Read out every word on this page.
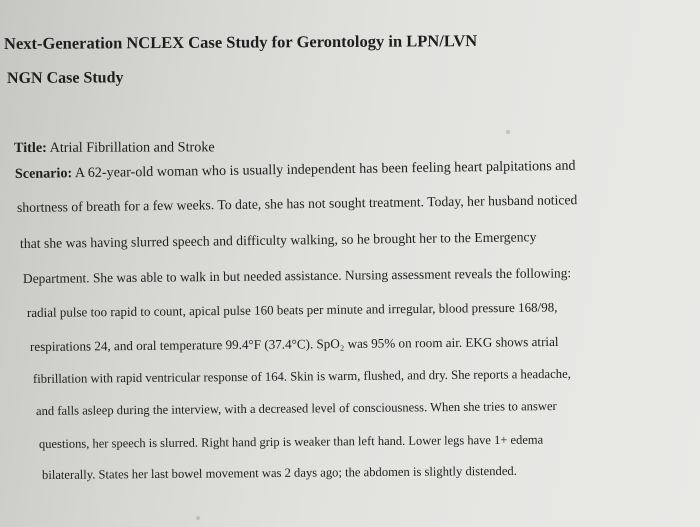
Next-Generation NCLEX Case Study for Gerontology in LPN/LVN
NGN Case Study
Title: Atrial Fibrillation and Stroke
Scenario: A 62-year-old woman who is usually independent has been feeling heart palpitations and
shortness of breath for a few weeks. To date, she has not sought treatment. Today, her husband noticed
that she was having slurred speech and difficulty walking, so he brought her to the Emergency
Department. She was able to walk in but needed assistance. Nursing assessment reveals the following:
radial pulse too rapid to count, apical pulse 160 beats per minute and irregular, blood pressure 168/98,
respirations 24, and oral temperature 99.4°F (37.4°C). SpO₂ was 95% on room air. EKG shows atrial
fibrillation with rapid ventricular response of 164. Skin is warm, flushed, and dry. She reports a headache,
and falls asleep during the interview, with a decreased level of consciousness. When she tries to answer
questions, her speech is slurred. Right hand grip is weaker than left hand. Lower legs have 1+ edema
bilaterally. States her last bowel movement was 2 days ago; the abdomen is slightly distended.
